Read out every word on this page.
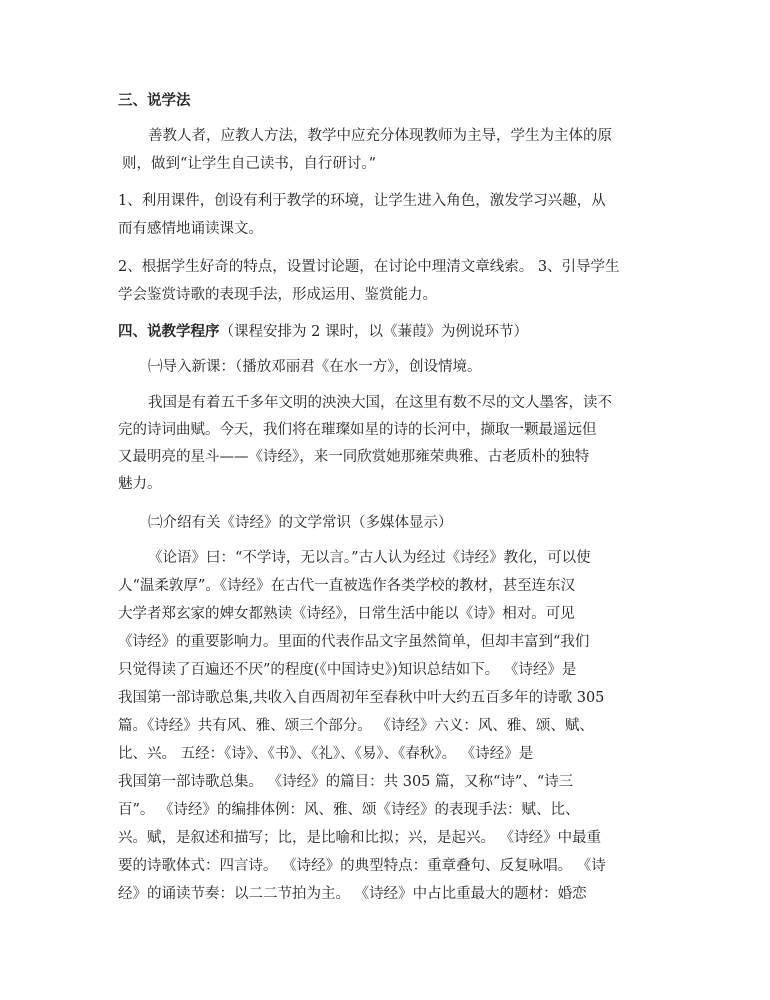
三、说学法
善教人者，应教人方法，教学中应充分体现教师为主导，学生为主体的原
则，做到“让学生自己读书，自行研讨。”
1、利用课件，创设有利于教学的环境，让学生进入角色，激发学习兴趣，从
而有感情地诵读课文。
2、根据学生好奇的特点，设置讨论题，在讨论中理清文章线索。 3、引导学生
学会鉴赏诗歌的表现手法，形成运用、鉴赏能力。
四、说教学程序（课程安排为 2 课时，以《蒹葭》为例说环节）
㈠导入新课：（播放邓丽君《在水一方》，创设情境。
我国是有着五千多年文明的泱泱大国，在这里有数不尽的文人墨客，读不
完的诗词曲赋。今天，我们将在璀璨如星的诗的长河中，撷取一颗最遥远但
又最明亮的星斗——《诗经》，来一同欣赏她那雍荣典雅、古老质朴的独特
魅力。
㈡介绍有关《诗经》的文学常识（多媒体显示）
《论语》曰：“不学诗，无以言。”古人认为经过《诗经》教化，可以使
人“温柔敦厚”。《诗经》在古代一直被选作各类学校的教材，甚至连东汉
大学者郑玄家的婢女都熟读《诗经》，日常生活中能以《诗》相对。可见
《诗经》的重要影响力。里面的代表作品文字虽然简单，但却丰富到“我们
只觉得读了百遍还不厌”的程度(《中国诗史》)知识总结如下。 《诗经》是
我国第一部诗歌总集,共收入自西周初年至春秋中叶大约五百多年的诗歌 305
篇。《诗经》共有风、雅、颂三个部分。 《诗经》六义：风、雅、颂、赋、
比、兴。 五经：《诗》、《书》、《礼》、《易》、《春秋》。 《诗经》是
我国第一部诗歌总集。 《诗经》的篇目：共 305 篇，又称“诗”、“诗三
百”。 《诗经》的编排体例：风、雅、颂《诗经》的表现手法：赋、比、
兴。赋，是叙述和描写；比，是比喻和比拟；兴，是起兴。 《诗经》中最重
要的诗歌体式：四言诗。 《诗经》的典型特点：重章叠句、反复咏唱。 《诗
经》的诵读节奏：以二二节拍为主。 《诗经》中占比重最大的题材：婚恋
